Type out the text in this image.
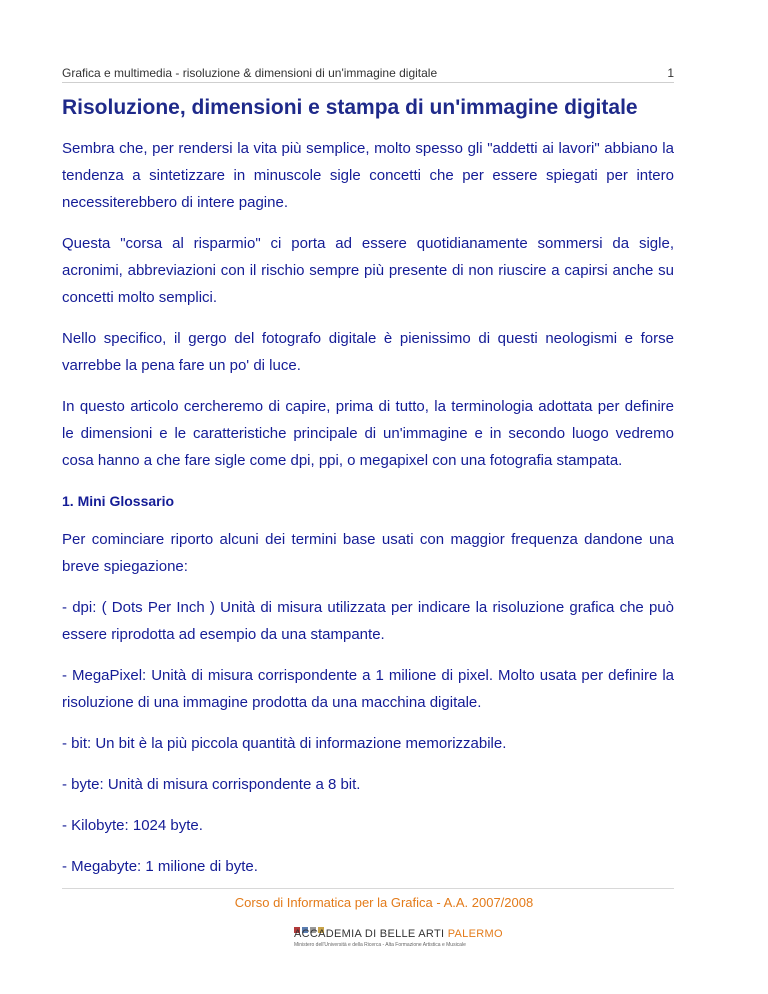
Grafica e multimedia - risoluzione & dimensioni di un'immagine digitale	1
Risoluzione, dimensioni e stampa di un'immagine digitale

Sembra che, per rendersi la vita più semplice, molto spesso gli "addetti ai lavori" abbiano la tendenza a sintetizzare in minuscole sigle concetti che per essere spiegati per intero necessiterebbero di intere pagine.

Questa "corsa al risparmio" ci porta ad essere quotidianamente sommersi da sigle, acronimi, abbreviazioni con il rischio sempre più presente di non riuscire a capirsi anche su concetti molto semplici.

Nello specifico, il gergo del fotografo digitale è pienissimo di questi neologismi e forse varrebbe la pena fare un po' di luce.

In questo articolo cercheremo di capire, prima di tutto, la terminologia adottata per definire le dimensioni e le caratteristiche principale di un'immagine e in secondo luogo vedremo cosa hanno a che fare sigle come dpi, ppi, o megapixel con una fotografia stampata.

1. Mini Glossario

Per cominciare riporto alcuni dei termini base usati con maggior frequenza dandone una breve spiegazione:

- dpi: ( Dots Per Inch ) Unità di misura utilizzata per indicare la risoluzione grafica che può essere riprodotta ad esempio da una stampante.

- MegaPixel: Unità di misura corrispondente a 1 milione di pixel. Molto usata per definire la risoluzione di una immagine prodotta da una macchina digitale.

- bit: Un bit è la più piccola quantità di informazione memorizzabile.

- byte: Unità di misura corrispondente a 8 bit.

- Kilobyte: 1024 byte.

- Megabyte: 1 milione di byte.

Corso di Informatica per la Grafica - A.A. 2007/2008
ACCADEMIA DI BELLE ARTI PALERMO
Ministero dell'Università e della Ricerca - Alta Formazione Artistica e Musicale
